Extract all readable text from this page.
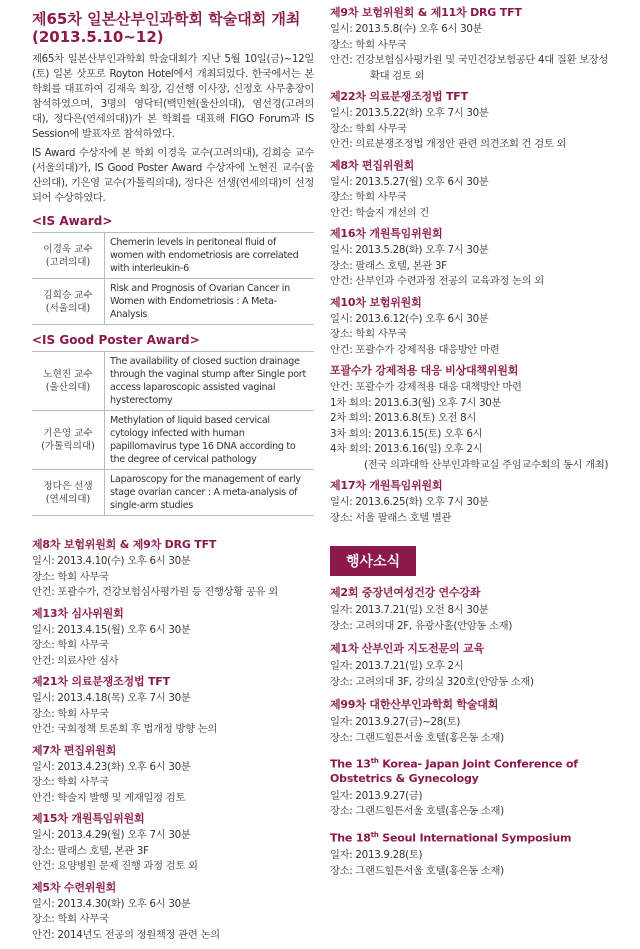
제65차 일본산부인과학회 학술대회 개최
(2013.5.10~12)

제65차 일본산부인과학회 학술대회가 지난 5월 10일(금)~12일(토) 일본 삿포로 Royton Hotel에서 개최되었다. 한국에서는 본 학회를 대표하여 김재욱 회장, 김선행 이사장, 신정호 사무총장이 참석하였으며, 3명의 영닥터(백민현(울산의대), 염선경(고려의대), 정다은(연세의대))가 본 학회를 대표해 FIGO Forum과 IS Session에 발표자로 참석하였다.

IS Award 수상자에 본 학회 이경욱 교수(고려의대), 김희승 교수(서울의대)가, IS Good Poster Award 수상자에 노현진 교수(울산의대), 기은영 교수(가톨릭의대), 정다은 선생(연세의대)이 선정되어 수상하였다.

<IS Award>
이경욱 교수
(고려의대)	Chemerin levels in peritoneal fluid of women with endometriosis are correlated with interleukin-6

김희승 교수
(서울의대)	Risk and Prognosis of Ovarian Cancer in Women with Endometriosis : A Meta-Analysis
<IS Good Poster Award>
노현진 교수
(울산의대)	The availability of closed suction drainage through the vaginal stump after Single port access laparoscopic assisted vaginal hysterectomy

기은영 교수
(가톨릭의대)	Methylation of liquid based cervical cytology infected with human papillomavirus type 16 DNA according to the degree of cervical pathology

정다은 선생
(연세의대)	Laparoscopy for the management of early stage ovarian cancer : A meta-analysis of single-arm studies
제8차 보험위원회 & 제9차 DRG TFT

일시: 2013.4.10(수) 오후 6시 30분

장소: 학회 사무국

안건: 포괄수가, 건강보험심사평가원 등 진행상황 공유 외

제13차 심사위원회

일시: 2013.4.15(월) 오후 6시 30분

장소: 학회 사무국

안건: 의료사안 심사

제21차 의료분쟁조정법 TFT

일시: 2013.4.18(목) 오후 7시 30분

장소: 학회 사무국

안건: 국회정책 토론회 후 법개정 방향 논의

제7차 편집위원회

일시: 2013.4.23(화) 오후 6시 30분

장소: 학회 사무국

안건: 학술지 발행 및 게재일정 검토

제15차 개원특임위원회

일시: 2013.4.29(월) 오후 7시 30분

장소: 팔래스 호텔, 본관 3F

안건: 요양병원 문제 진행 과정 검토 외

제5차 수련위원회

일시: 2013.4.30(화) 오후 6시 30분

장소: 학회 사무국

안건: 2014년도 전공의 정원책정 관련 논의

제9차 보험위원회 & 제11차 DRG TFT

일시: 2013.5.8(수) 오후 6시 30분

장소: 학회 사무국

안건: 건강보험심사평가원 및 국민건강보험공단 4대 질환 보장성

확대 검토 외

제22차 의료분쟁조정법 TFT

일시: 2013.5.22(화) 오후 7시 30분

장소: 학회 사무국

안건: 의료분쟁조정법 개정안 관련 의견조회 건 검토 외

제8차 편집위원회

일시: 2013.5.27(월) 오후 6시 30분

장소: 학회 사무국

안건: 학술지 개선의 건

제16차 개원특임위원회

일시: 2013.5.28(화) 오후 7시 30분

장소: 팔래스 호텔, 본관 3F

안건: 산부인과 수련과정 전공의 교육과정 논의 외

제10차 보험위원회

일시: 2013.6.12(수) 오후 6시 30분

장소: 학회 사무국

안건: 포괄수가 강제적용 대응방안 마련

포괄수가 강제적용 대응 비상대책위원회

안건: 포괄수가 강제적용 대응 대책방안 마련

1차 회의: 2013.6.3(월) 오후 7시 30분

2차 회의: 2013.6.8(토) 오전 8시

3차 회의: 2013.6.15(토) 오후 6시

4차 회의: 2013.6.16(일) 오후 2시

(전국 의과대학 산부인과학교실 주임교수회의 동시 개최)

제17차 개원특임위원회

일시: 2013.6.25(화) 오후 7시 30분

장소: 서울 팔래스 호텔 별관

행사소식
제2회 중장년여성건강 연수강좌

일자: 2013.7.21(일) 오전 8시 30분

장소: 고려의대 2F, 유광사홀(안암동 소재)

제1차 산부인과 지도전문의 교육

일자: 2013.7.21(일) 오후 2시

장소: 고려의대 3F, 강의실 320호(안암동 소재)

제99차 대한산부인과학회 학술대회

일자: 2013.9.27(금)~28(토)

장소: 그랜드힐튼서울 호텔(홍은동 소재)

The 13th Korea- Japan Joint Conference of
Obstetrics & Gynecology

일자: 2013.9.27(금)

장소: 그랜드힐튼서울 호텔(홍은동 소재)

The 18th Seoul International Symposium

일자: 2013.9.28(토)

장소: 그랜드힐튼서울 호텔(홍은동 소재)
